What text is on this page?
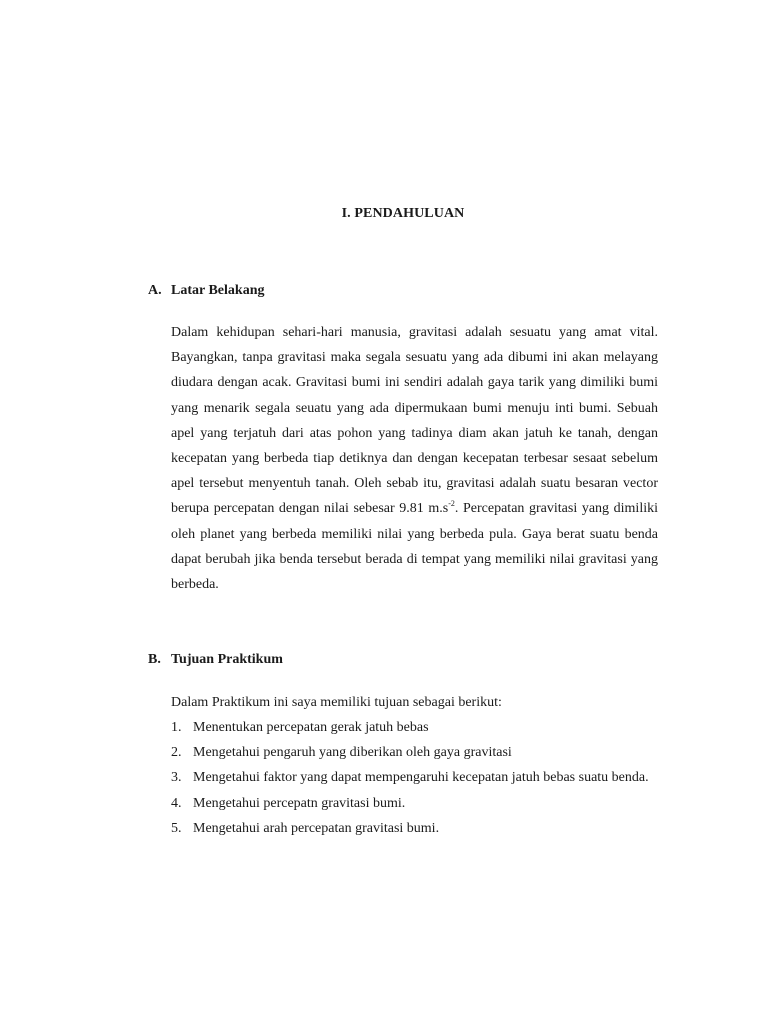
I. PENDAHULUAN
A. Latar Belakang

Dalam kehidupan sehari-hari manusia, gravitasi adalah sesuatu yang amat vital. Bayangkan, tanpa gravitasi maka segala sesuatu yang ada dibumi ini akan melayang diudara dengan acak. Gravitasi bumi ini sendiri adalah gaya tarik yang dimiliki bumi yang menarik segala seuatu yang ada dipermukaan bumi menuju inti bumi. Sebuah apel yang terjatuh dari atas pohon yang tadinya diam akan jatuh ke tanah, dengan kecepatan yang berbeda tiap detiknya dan dengan kecepatan terbesar sesaat sebelum apel tersebut menyentuh tanah. Oleh sebab itu, gravitasi adalah suatu besaran vector berupa percepatan dengan nilai sebesar 9.81 $m.s^{-2}$. Percepatan gravitasi yang dimiliki oleh planet yang berbeda memiliki nilai yang berbeda pula. Gaya berat suatu benda dapat berubah jika benda tersebut berada di tempat yang memiliki nilai gravitasi yang berbeda.

B. Tujuan Praktikum

Dalam Praktikum ini saya memiliki tujuan sebagai berikut:

1. Menentukan percepatan gerak jatuh bebas
2. Mengetahui pengaruh yang diberikan oleh gaya gravitasi
3. Mengetahui faktor yang dapat mempengaruhi kecepatan jatuh bebas suatu benda.
4. Mengetahui percepatn gravitasi bumi.
5. Mengetahui arah percepatan gravitasi bumi.
